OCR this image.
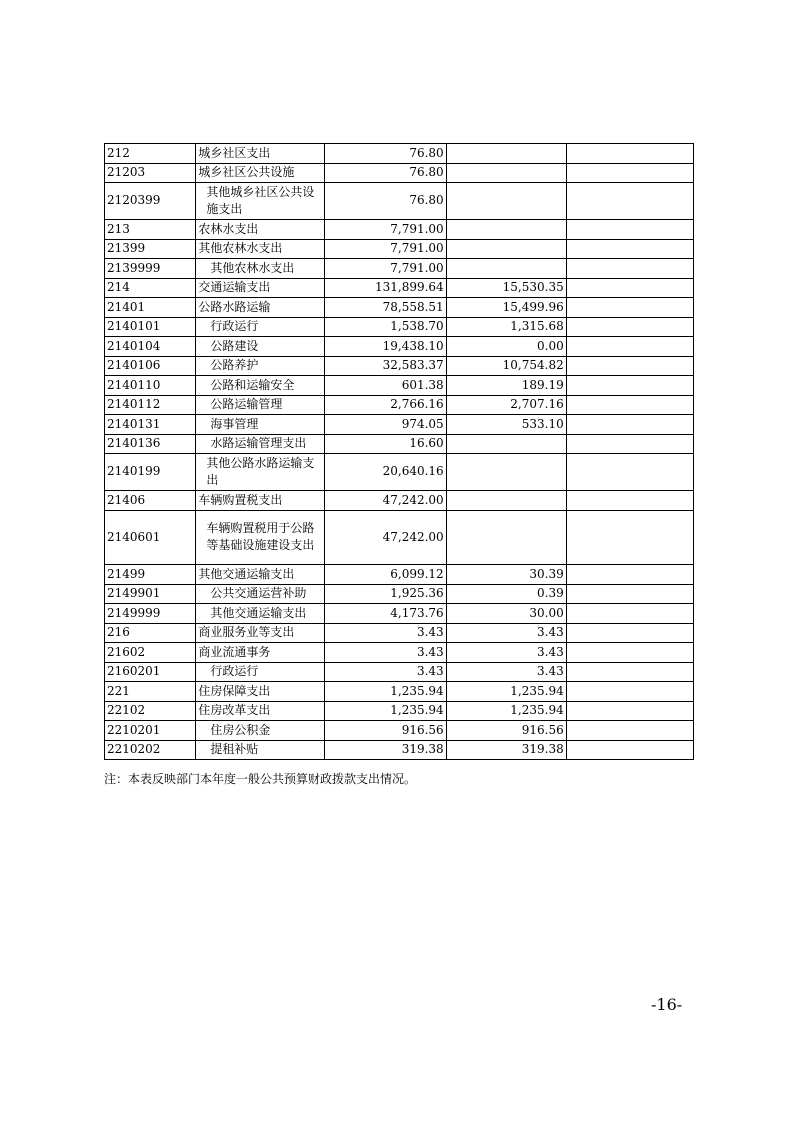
212	城乡社区支出	76.80		
21203	城乡社区公共设施	76.80		
2120399	其他城乡社区公共设施支出	76.80		
213	农林水支出	7,791.00		
21399	其他农林水支出	7,791.00		
2139999	其他农林水支出	7,791.00		
214	交通运输支出	131,899.64	15,530.35	
21401	公路水路运输	78,558.51	15,499.96	
2140101	行政运行	1,538.70	1,315.68	
2140104	公路建设	19,438.10	0.00	
2140106	公路养护	32,583.37	10,754.82	
2140110	公路和运输安全	601.38	189.19	
2140112	公路运输管理	2,766.16	2,707.16	
2140131	海事管理	974.05	533.10	
2140136	水路运输管理支出	16.60		
2140199	其他公路水路运输支出	20,640.16		
21406	车辆购置税支出	47,242.00		
2140601	车辆购置税用于公路等基础设施建设支出	47,242.00		
21499	其他交通运输支出	6,099.12	30.39	
2149901	公共交通运营补助	1,925.36	0.39	
2149999	其他交通运输支出	4,173.76	30.00	
216	商业服务业等支出	3.43	3.43	
21602	商业流通事务	3.43	3.43	
2160201	行政运行	3.43	3.43	
221	住房保障支出	1,235.94	1,235.94	
22102	住房改革支出	1,235.94	1,235.94	
2210201	住房公积金	916.56	916.56	
2210202	提租补贴	319.38	319.38	
注：本表反映部门本年度一般公共预算财政拨款支出情况。
-16-
